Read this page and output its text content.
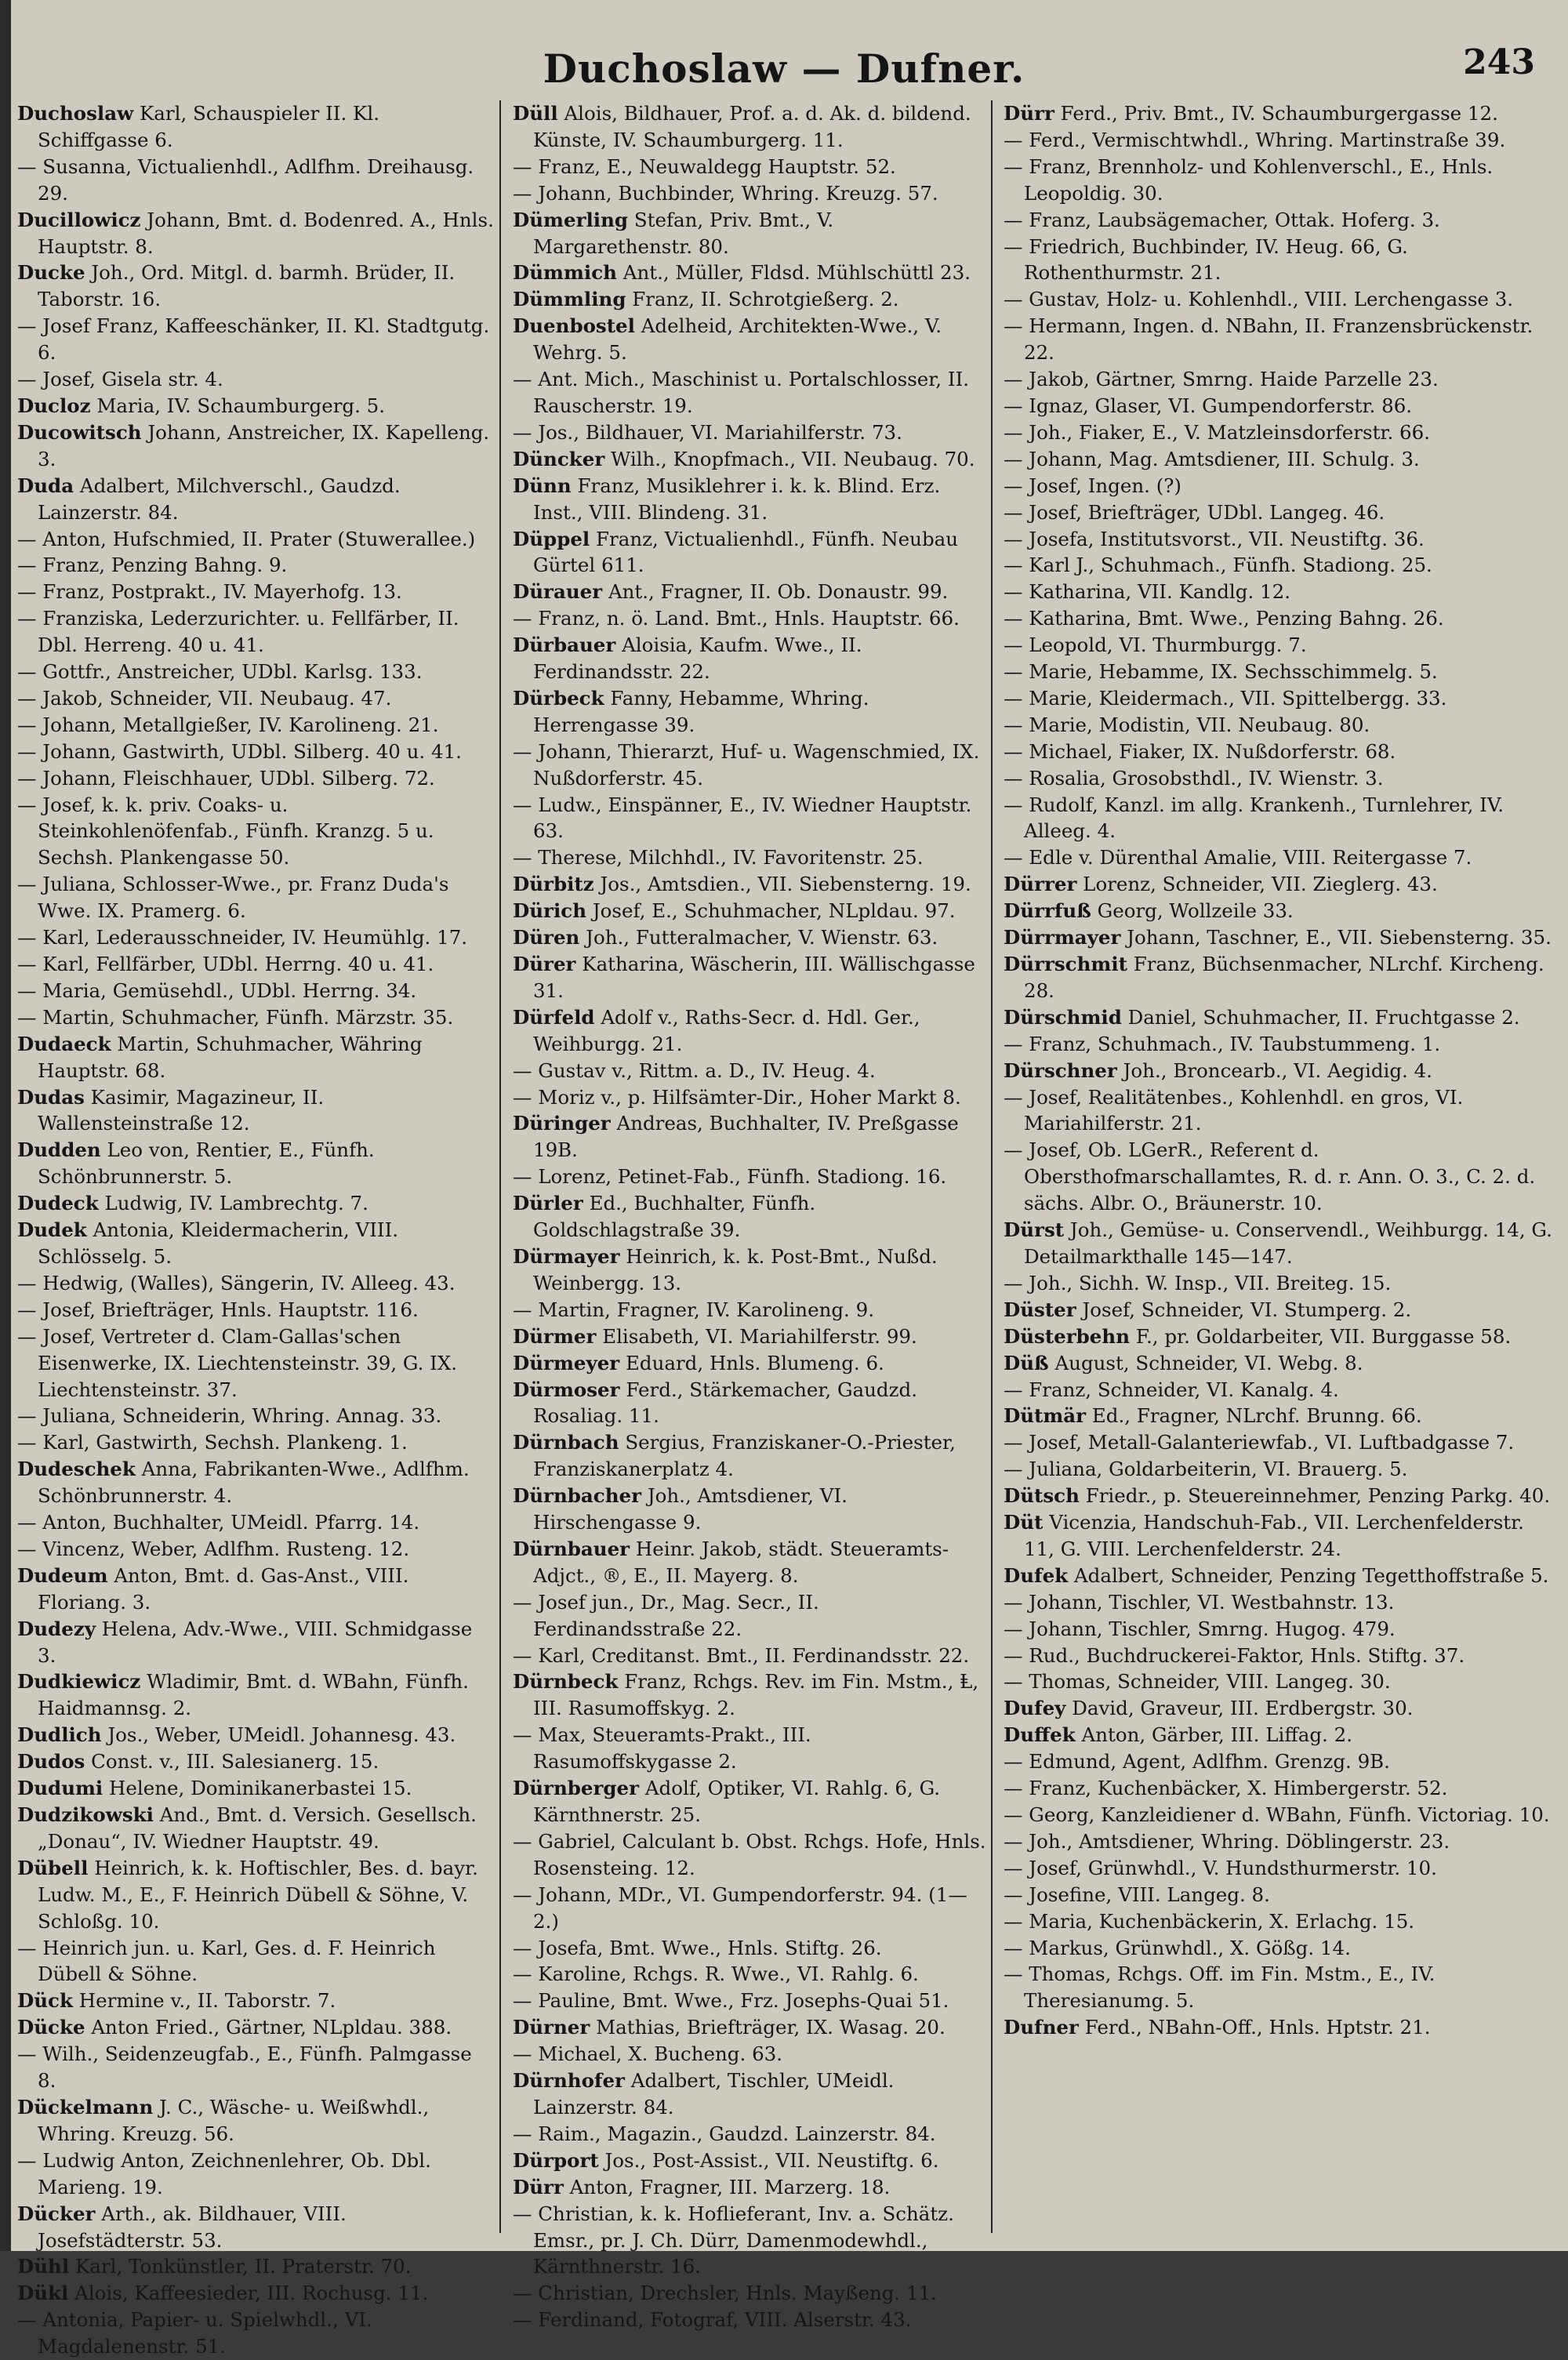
Duchoslaw — Dufner.	243
Duchoslaw Karl, Schauspieler II. Kl. Schiffgasse 6.
— Susanna, Victualienhdl., Adlfhm. Dreihausg. 29.
Ducillowicz Johann, Bmt. d. Bodenred. A., Hnls. Hauptstr. 8.
Ducke Joh., Ord. Mitgl. d. barmh. Brüder, II. Taborstr. 16.
— Josef Franz, Kaffeeschänker, II. Kl. Stadtgutg. 6.
— Josef, Gisela str. 4.
Ducloz Maria, IV. Schaumburgerg. 5.
Ducowitsch Johann, Anstreicher, IX. Kapelleng. 3.
Duda Adalbert, Milchverschl., Gaudzd. Lainzerstr. 84.
— Anton, Hufschmied, II. Prater (Stuwerallee.)
— Franz, Penzing Bahng. 9.
— Franz, Postprakt., IV. Mayerhofg. 13.
— Franziska, Lederzurichter. u. Fellfärber, II. Dbl. Herreng. 40 u. 41.
— Gottfr., Anstreicher, UDbl. Karlsg. 133.
— Jakob, Schneider, VII. Neubaug. 47.
— Johann, Metallgießer, IV. Karolineng. 21.
— Johann, Gastwirth, UDbl. Silberg. 40 u. 41.
— Johann, Fleischhauer, UDbl. Silberg. 72.
— Josef, k. k. priv. Coaks- u. Steinkohlenöfenfab., Fünfh. Kranzg. 5 u. Sechsh. Plankengasse 50.
— Juliana, Schlosser-Wwe., pr. Franz Duda's Wwe. IX. Pramerg. 6.
— Karl, Lederausschneider, IV. Heumühlg. 17.
— Karl, Fellfärber, UDbl. Herrng. 40 u. 41.
— Maria, Gemüsehdl., UDbl. Herrng. 34.
— Martin, Schuhmacher, Fünfh. Märzstr. 35.
Dudaeck Martin, Schuhmacher, Währing Hauptstr. 68.
Dudas Kasimir, Magazineur, II. Wallensteinstraße 12.
Dudden Leo von, Rentier, E., Fünfh. Schönbrunnerstr. 5.
Dudeck Ludwig, IV. Lambrechtg. 7.
Dudek Antonia, Kleidermacherin, VIII. Schlösselg. 5.
— Hedwig, (Walles), Sängerin, IV. Alleeg. 43.
— Josef, Briefträger, Hnls. Hauptstr. 116.
— Josef, Vertreter d. Clam-Gallas'schen Eisenwerke, IX. Liechtensteinstr. 39, G. IX. Liechtensteinstr. 37.
— Juliana, Schneiderin, Whring. Annag. 33.
— Karl, Gastwirth, Sechsh. Plankeng. 1.
Dudeschek Anna, Fabrikanten-Wwe., Adlfhm. Schönbrunnerstr. 4.
— Anton, Buchhalter, UMeidl. Pfarrg. 14.
— Vincenz, Weber, Adlfhm. Rusteng. 12.
Dudeum Anton, Bmt. d. Gas-Anst., VIII. Floriang. 3.
Dudezy Helena, Adv.-Wwe., VIII. Schmidgasse 3.
Dudkiewicz Wladimir, Bmt. d. WBahn, Fünfh. Haidmannsg. 2.
Dudlich Jos., Weber, UMeidl. Johannesg. 43.
Dudos Const. v., III. Salesianerg. 15.
Dudumi Helene, Dominikanerbastei 15.
Dudzikowski And., Bmt. d. Versich. Gesellsch. „Donau“, IV. Wiedner Hauptstr. 49.
Dübell Heinrich, k. k. Hoftischler, Bes. d. bayr. Ludw. M., E., F. Heinrich Dübell & Söhne, V. Schloßg. 10.
— Heinrich jun. u. Karl, Ges. d. F. Heinrich Dübell & Söhne.
Dück Hermine v., II. Taborstr. 7.
Dücke Anton Fried., Gärtner, NLpldau. 388.
— Wilh., Seidenzeugfab., E., Fünfh. Palmgasse 8.
Dückelmann J. C., Wäsche- u. Weißwhdl., Whring. Kreuzg. 56.
— Ludwig Anton, Zeichnenlehrer, Ob. Dbl. Marieng. 19.
Dücker Arth., ak. Bildhauer, VIII. Josefstädterstr. 53.
Dühl Karl, Tonkünstler, II. Praterstr. 70.
Dükl Alois, Kaffeesieder, III. Rochusg. 11.
— Antonia, Papier- u. Spielwhdl., VI. Magdalenenstr. 51.
Düll Alois, Bildhauer, Prof. a. d. Ak. d. bildend. Künste, IV. Schaumburgerg. 11.
— Franz, E., Neuwaldegg Hauptstr. 52.
— Johann, Buchbinder, Whring. Kreuzg. 57.
Dümerling Stefan, Priv. Bmt., V. Margarethenstr. 80.
Dümmich Ant., Müller, Fldsd. Mühlschüttl 23.
Dümmling Franz, II. Schrotgießerg. 2.
Duenbostel Adelheid, Architekten-Wwe., V. Wehrg. 5.
— Ant. Mich., Maschinist u. Portalschlosser, II. Rauscherstr. 19.
— Jos., Bildhauer, VI. Mariahilferstr. 73.
Düncker Wilh., Knopfmach., VII. Neubaug. 70.
Dünn Franz, Musiklehrer i. k. k. Blind. Erz. Inst., VIII. Blindeng. 31.
Düppel Franz, Victualienhdl., Fünfh. Neubau Gürtel 611.
Dürauer Ant., Fragner, II. Ob. Donaustr. 99.
— Franz, n. ö. Land. Bmt., Hnls. Hauptstr. 66.
Dürbauer Aloisia, Kaufm. Wwe., II. Ferdinandsstr. 22.
Dürbeck Fanny, Hebamme, Whring. Herrengasse 39.
— Johann, Thierarzt, Huf- u. Wagenschmied, IX. Nußdorferstr. 45.
— Ludw., Einspänner, E., IV. Wiedner Hauptstr. 63.
— Therese, Milchhdl., IV. Favoritenstr. 25.
Dürbitz Jos., Amtsdien., VII. Siebensterng. 19.
Dürich Josef, E., Schuhmacher, NLpldau. 97.
Düren Joh., Futteralmacher, V. Wienstr. 63.
Dürer Katharina, Wäscherin, III. Wällischgasse 31.
Dürfeld Adolf v., Raths-Secr. d. Hdl. Ger., Weihburgg. 21.
— Gustav v., Rittm. a. D., IV. Heug. 4.
— Moriz v., p. Hilfsämter-Dir., Hoher Markt 8.
Düringer Andreas, Buchhalter, IV. Preßgasse 19B.
— Lorenz, Petinet-Fab., Fünfh. Stadiong. 16.
Dürler Ed., Buchhalter, Fünfh. Goldschlagstraße 39.
Dürmayer Heinrich, k. k. Post-Bmt., Nußd. Weinbergg. 13.
— Martin, Fragner, IV. Karolineng. 9.
Dürmer Elisabeth, VI. Mariahilferstr. 99.
Dürmeyer Eduard, Hnls. Blumeng. 6.
Dürmoser Ferd., Stärkemacher, Gaudzd. Rosaliag. 11.
Dürnbach Sergius, Franziskaner-O.-Priester, Franziskanerplatz 4.
Dürnbacher Joh., Amtsdiener, VI. Hirschengasse 9.
Dürnbauer Heinr. Jakob, städt. Steueramts-Adjct., ®, E., II. Mayerg. 8.
— Josef jun., Dr., Mag. Secr., II. Ferdinandsstraße 22.
— Karl, Creditanst. Bmt., II. Ferdinandsstr. 22.
Dürnbeck Franz, Rchgs. Rev. im Fin. Mstm., Ⱡ, III. Rasumoffskyg. 2.
— Max, Steueramts-Prakt., III. Rasumoffskygasse 2.
Dürnberger Adolf, Optiker, VI. Rahlg. 6, G. Kärnthnerstr. 25.
— Gabriel, Calculant b. Obst. Rchgs. Hofe, Hnls. Rosensteing. 12.
— Johann, MDr., VI. Gumpendorferstr. 94. (1—2.)
— Josefa, Bmt. Wwe., Hnls. Stiftg. 26.
— Karoline, Rchgs. R. Wwe., VI. Rahlg. 6.
— Pauline, Bmt. Wwe., Frz. Josephs-Quai 51.
Dürner Mathias, Briefträger, IX. Wasag. 20.
— Michael, X. Bucheng. 63.
Dürnhofer Adalbert, Tischler, UMeidl. Lainzerstr. 84.
— Raim., Magazin., Gaudzd. Lainzerstr. 84.
Dürport Jos., Post-Assist., VII. Neustiftg. 6.
Dürr Anton, Fragner, III. Marzerg. 18.
— Christian, k. k. Hoflieferant, Inv. a. Schätz. Emsr., pr. J. Ch. Dürr, Damenmodewhdl., Kärnthnerstr. 16.
— Christian, Drechsler, Hnls. Mayßeng. 11.
— Ferdinand, Fotograf, VIII. Alserstr. 43.
Dürr Ferd., Priv. Bmt., IV. Schaumburgergasse 12.
— Ferd., Vermischtwhdl., Whring. Martinstraße 39.
— Franz, Brennholz- und Kohlenverschl., E., Hnls. Leopoldig. 30.
— Franz, Laubsägemacher, Ottak. Hoferg. 3.
— Friedrich, Buchbinder, IV. Heug. 66, G. Rothenthurmstr. 21.
— Gustav, Holz- u. Kohlenhdl., VIII. Lerchengasse 3.
— Hermann, Ingen. d. NBahn, II. Franzensbrückenstr. 22.
— Jakob, Gärtner, Smrng. Haide Parzelle 23.
— Ignaz, Glaser, VI. Gumpendorferstr. 86.
— Joh., Fiaker, E., V. Matzleinsdorferstr. 66.
— Johann, Mag. Amtsdiener, III. Schulg. 3.
— Josef, Ingen. (?)
— Josef, Briefträger, UDbl. Langeg. 46.
— Josefa, Institutsvorst., VII. Neustiftg. 36.
— Karl J., Schuhmach., Fünfh. Stadiong. 25.
— Katharina, VII. Kandlg. 12.
— Katharina, Bmt. Wwe., Penzing Bahng. 26.
— Leopold, VI. Thurmburgg. 7.
— Marie, Hebamme, IX. Sechsschimmelg. 5.
— Marie, Kleidermach., VII. Spittelbergg. 33.
— Marie, Modistin, VII. Neubaug. 80.
— Michael, Fiaker, IX. Nußdorferstr. 68.
— Rosalia, Grosobsthdl., IV. Wienstr. 3.
— Rudolf, Kanzl. im allg. Krankenh., Turnlehrer, IV. Alleeg. 4.
— Edle v. Dürenthal Amalie, VIII. Reitergasse 7.
Dürrer Lorenz, Schneider, VII. Zieglerg. 43.
Dürrfuß Georg, Wollzeile 33.
Dürrmayer Johann, Taschner, E., VII. Siebensterng. 35.
Dürrschmit Franz, Büchsenmacher, NLrchf. Kircheng. 28.
Dürschmid Daniel, Schuhmacher, II. Fruchtgasse 2.
— Franz, Schuhmach., IV. Taubstummeng. 1.
Dürschner Joh., Broncearb., VI. Aegidig. 4.
— Josef, Realitätenbes., Kohlenhdl. en gros, VI. Mariahilferstr. 21.
— Josef, Ob. LGerR., Referent d. Obersthofmarschallamtes, R. d. r. Ann. O. 3., C. 2. d. sächs. Albr. O., Bräunerstr. 10.
Dürst Joh., Gemüse- u. Conservendl., Weihburgg. 14, G. Detailmarkthalle 145—147.
— Joh., Sichh. W. Insp., VII. Breiteg. 15.
Düster Josef, Schneider, VI. Stumperg. 2.
Düsterbehn F., pr. Goldarbeiter, VII. Burggasse 58.
Düß August, Schneider, VI. Webg. 8.
— Franz, Schneider, VI. Kanalg. 4.
Dütmär Ed., Fragner, NLrchf. Brunng. 66.
— Josef, Metall-Galanteriewfab., VI. Luftbadgasse 7.
— Juliana, Goldarbeiterin, VI. Brauerg. 5.
Dütsch Friedr., p. Steuereinnehmer, Penzing Parkg. 40.
Düt Vicenzia, Handschuh-Fab., VII. Lerchenfelderstr. 11, G. VIII. Lerchenfelderstr. 24.
Dufek Adalbert, Schneider, Penzing Tegetthoffstraße 5.
— Johann, Tischler, VI. Westbahnstr. 13.
— Johann, Tischler, Smrng. Hugog. 479.
— Rud., Buchdruckerei-Faktor, Hnls. Stiftg. 37.
— Thomas, Schneider, VIII. Langeg. 30.
Dufey David, Graveur, III. Erdbergstr. 30.
Duffek Anton, Gärber, III. Liffag. 2.
— Edmund, Agent, Adlfhm. Grenzg. 9B.
— Franz, Kuchenbäcker, X. Himbergerstr. 52.
— Georg, Kanzleidiener d. WBahn, Fünfh. Victoriag. 10.
— Joh., Amtsdiener, Whring. Döblingerstr. 23.
— Josef, Grünwhdl., V. Hundsthurmerstr. 10.
— Josefine, VIII. Langeg. 8.
— Maria, Kuchenbäckerin, X. Erlachg. 15.
— Markus, Grünwhdl., X. Gößg. 14.
— Thomas, Rchgs. Off. im Fin. Mstm., E., IV. Theresianumg. 5.
Dufner Ferd., NBahn-Off., Hnls. Hptstr. 21.
